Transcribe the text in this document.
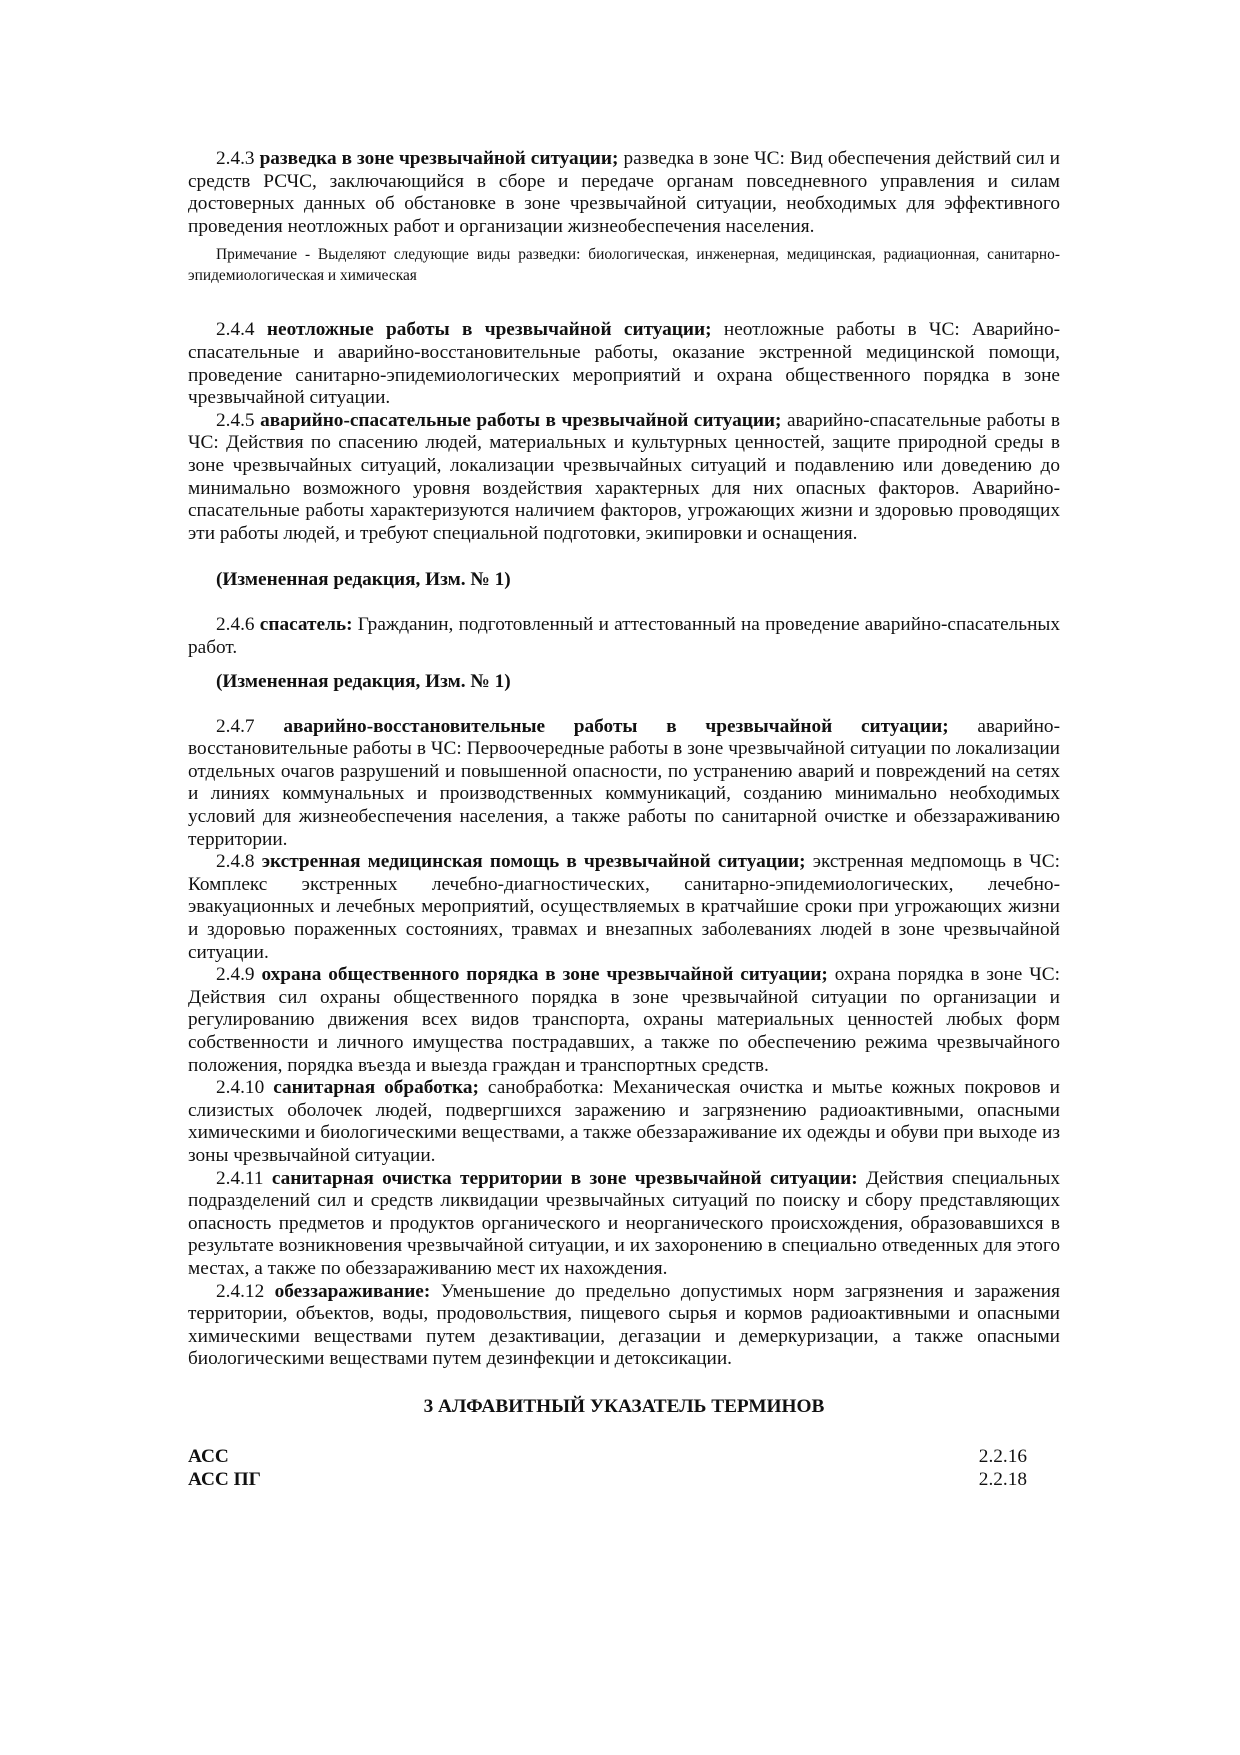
2.4.3 разведка в зоне чрезвычайной ситуации; разведка в зоне ЧС: Вид обеспечения действий сил и средств РСЧС, заключающийся в сборе и передаче органам повседневного управления и силам достоверных данных об обстановке в зоне чрезвычайной ситуации, необходимых для эффективного проведения неотложных работ и организации жизнеобеспечения населения.

Примечание - Выделяют следующие виды разведки: биологическая, инженерная, медицинская, радиационная, санитарно-эпидемиологическая и химическая

2.4.4 неотложные работы в чрезвычайной ситуации; неотложные работы в ЧС: Аварийно-спасательные и аварийно-восстановительные работы, оказание экстренной медицинской помощи, проведение санитарно-эпидемиологических мероприятий и охрана общественного порядка в зоне чрезвычайной ситуации.

2.4.5 аварийно-спасательные работы в чрезвычайной ситуации; аварийно-спасательные работы в ЧС: Действия по спасению людей, материальных и культурных ценностей, защите природной среды в зоне чрезвычайных ситуаций, локализации чрезвычайных ситуаций и подавлению или доведению до минимально возможного уровня воздействия характерных для них опасных факторов. Аварийно-спасательные работы характеризуются наличием факторов, угрожающих жизни и здоровью проводящих эти работы людей, и требуют специальной подготовки, экипировки и оснащения.

(Измененная редакция, Изм. № 1)

2.4.6 спасатель: Гражданин, подготовленный и аттестованный на проведение аварийно-спасательных работ.

(Измененная редакция, Изм. № 1)

2.4.7 аварийно-восстановительные работы в чрезвычайной ситуации; аварийно-восстановительные работы в ЧС: Первоочередные работы в зоне чрезвычайной ситуации по локализации отдельных очагов разрушений и повышенной опасности, по устранению аварий и повреждений на сетях и линиях коммунальных и производственных коммуникаций, созданию минимально необходимых условий для жизнеобеспечения населения, а также работы по санитарной очистке и обеззараживанию территории.

2.4.8 экстренная медицинская помощь в чрезвычайной ситуации; экстренная медпомощь в ЧС: Комплекс экстренных лечебно-диагностических, санитарно-эпидемиологических, лечебно-эвакуационных и лечебных мероприятий, осуществляемых в кратчайшие сроки при угрожающих жизни и здоровью пораженных состояниях, травмах и внезапных заболеваниях людей в зоне чрезвычайной ситуации.

2.4.9 охрана общественного порядка в зоне чрезвычайной ситуации; охрана порядка в зоне ЧС: Действия сил охраны общественного порядка в зоне чрезвычайной ситуации по организации и регулированию движения всех видов транспорта, охраны материальных ценностей любых форм собственности и личного имущества пострадавших, а также по обеспечению режима чрезвычайного положения, порядка въезда и выезда граждан и транспортных средств.

2.4.10 санитарная обработка; санобработка: Механическая очистка и мытье кожных покровов и слизистых оболочек людей, подвергшихся заражению и загрязнению радиоактивными, опасными химическими и биологическими веществами, а также обеззараживание их одежды и обуви при выходе из зоны чрезвычайной ситуации.

2.4.11 санитарная очистка территории в зоне чрезвычайной ситуации: Действия специальных подразделений сил и средств ликвидации чрезвычайных ситуаций по поиску и сбору представляющих опасность предметов и продуктов органического и неорганического происхождения, образовавшихся в результате возникновения чрезвычайной ситуации, и их захоронению в специально отведенных для этого местах, а также по обеззараживанию мест их нахождения.

2.4.12 обеззараживание: Уменьшение до предельно допустимых норм загрязнения и заражения территории, объектов, воды, продовольствия, пищевого сырья и кормов радиоактивными и опасными химическими веществами путем дезактивации, дегазации и демеркуризации, а также опасными биологическими веществами путем дезинфекции и детоксикации.

3 АЛФАВИТНЫЙ УКАЗАТЕЛЬ ТЕРМИНОВ

АСС	2.2.16
АСС ПГ	2.2.18
